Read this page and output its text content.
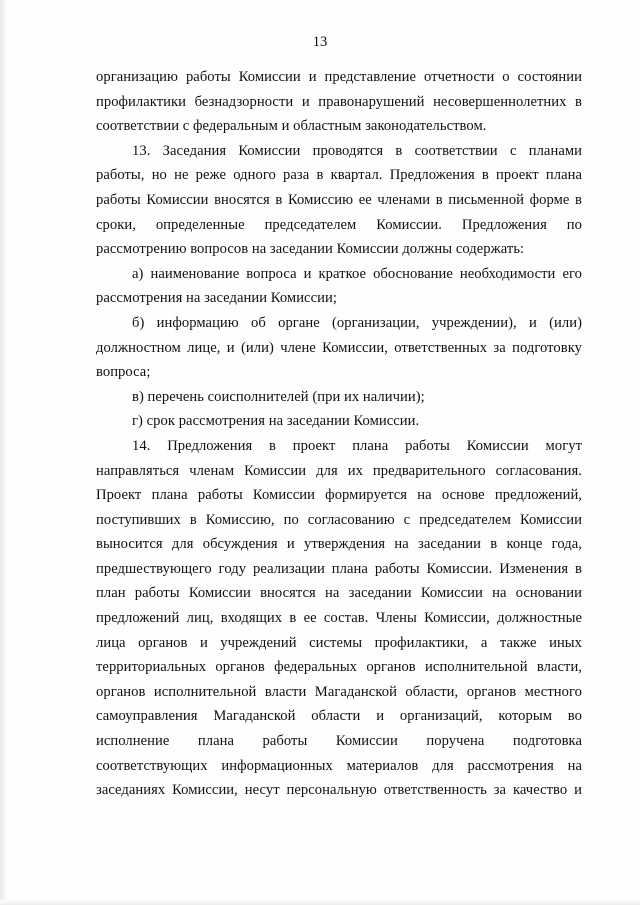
13
организацию работы Комиссии и представление отчетности о состоянии
профилактики безнадзорности и правонарушений несовершеннолетних в
соответствии с федеральным и областным законодательством.
13. Заседания Комиссии проводятся в соответствии с планами
работы, но не реже одного раза в квартал. Предложения в проект плана
работы Комиссии вносятся в Комиссию ее членами в письменной форме в
сроки, определенные председателем Комиссии. Предложения по
рассмотрению вопросов на заседании Комиссии должны содержать:
а) наименование вопроса и краткое обоснование необходимости его
рассмотрения на заседании Комиссии;
б) информацию об органе (организации, учреждении), и (или)
должностном лице, и (или) члене Комиссии, ответственных за подготовку
вопроса;
в) перечень соисполнителей (при их наличии);
г) срок рассмотрения на заседании Комиссии.
14. Предложения в проект плана работы Комиссии могут
направляться членам Комиссии для их предварительного согласования.
Проект плана работы Комиссии формируется на основе предложений,
поступивших в Комиссию, по согласованию с председателем Комиссии
выносится для обсуждения и утверждения на заседании в конце года,
предшествующего году реализации плана работы Комиссии. Изменения в
план работы Комиссии вносятся на заседании Комиссии на основании
предложений лиц, входящих в ее состав. Члены Комиссии, должностные
лица органов и учреждений системы профилактики, а также иных
территориальных органов федеральных органов исполнительной власти,
органов исполнительной власти Магаданской области, органов местного
самоуправления Магаданской области и организаций, которым во
исполнение плана работы Комиссии поручена подготовка
соответствующих информационных материалов для рассмотрения на
заседаниях Комиссии, несут персональную ответственность за качество и
